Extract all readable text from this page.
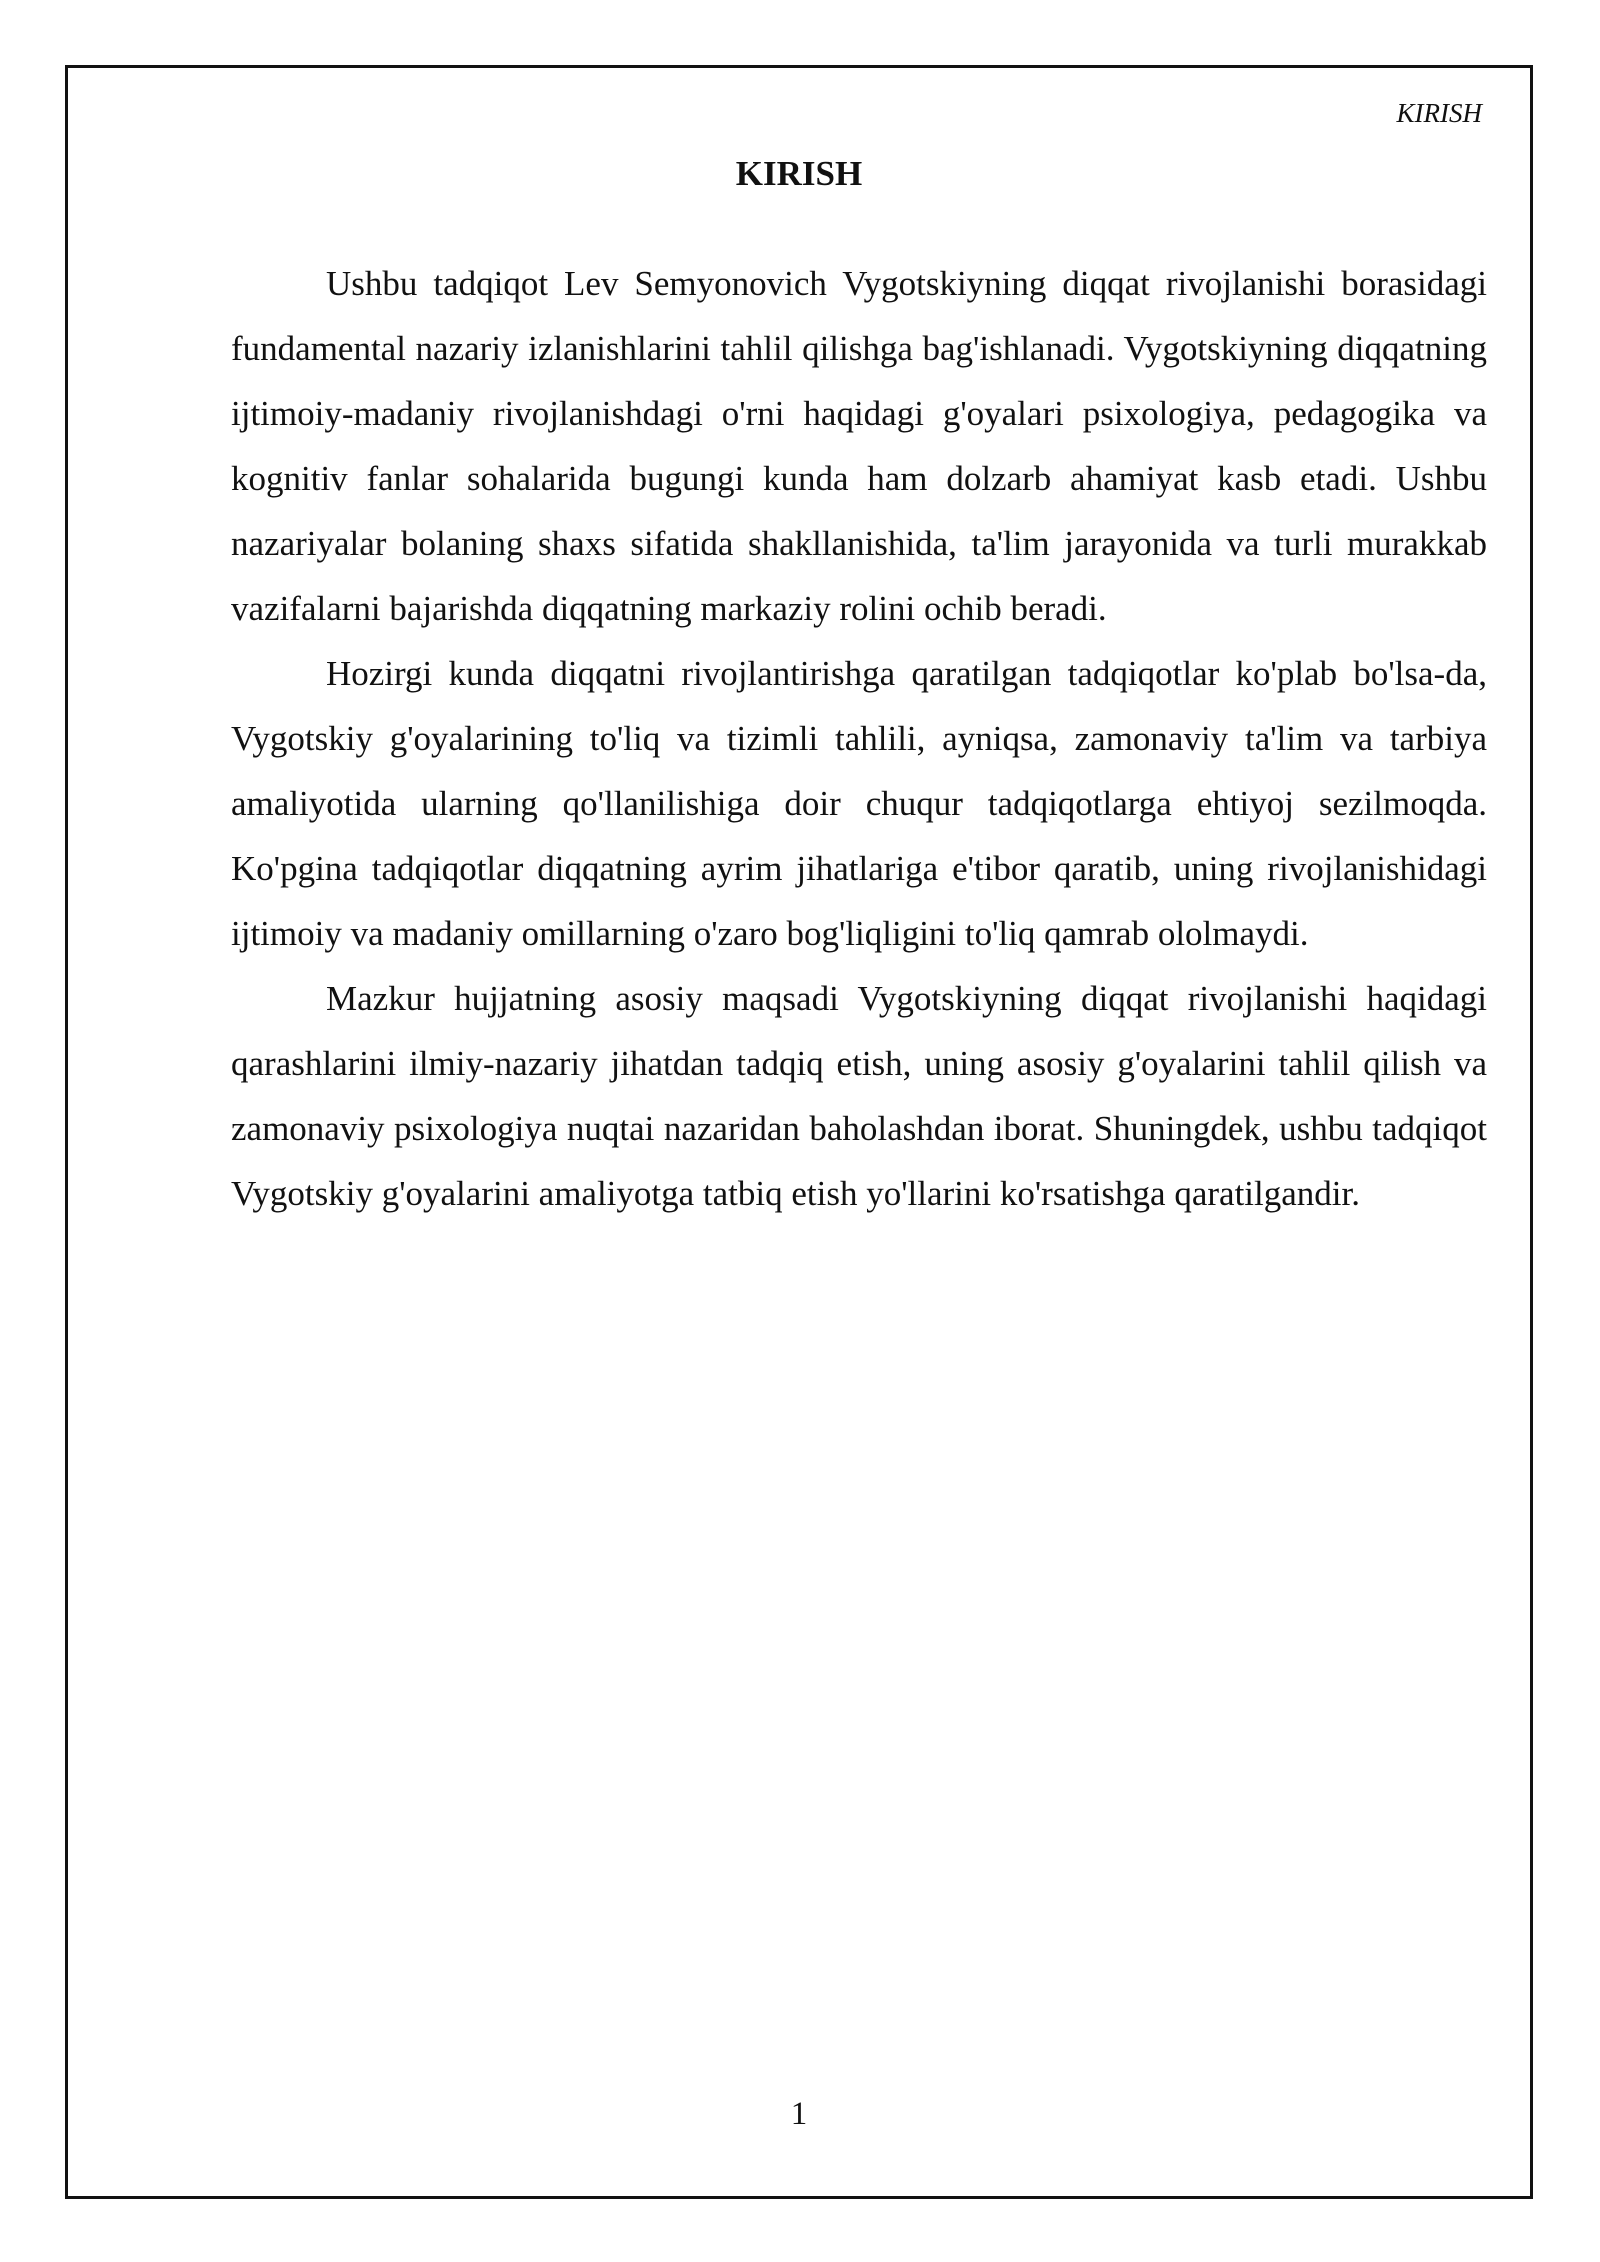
KIRISH
KIRISH

Ushbu tadqiqot Lev Semyonovich Vygotskiyning diqqat rivojlanishi borasidagi fundamental nazariy izlanishlarini tahlil qilishga bag'ishlanadi. Vygotskiyning diqqatning ijtimoiy-madaniy rivojlanishdagi o'rni haqidagi g'oyalari psixologiya, pedagogika va kognitiv fanlar sohalarida bugungi kunda ham dolzarb ahamiyat kasb etadi. Ushbu nazariyalar bolaning shaxs sifatida shakllanishida, ta'lim jarayonida va turli murakkab vazifalarni bajarishda diqqatning markaziy rolini ochib beradi.

Hozirgi kunda diqqatni rivojlantirishga qaratilgan tadqiqotlar ko'plab bo'lsa-da, Vygotskiy g'oyalarining to'liq va tizimli tahlili, ayniqsa, zamonaviy ta'lim va tarbiya amaliyotida ularning qo'llanilishiga doir chuqur tadqiqotlarga ehtiyoj sezilmoqda. Ko'pgina tadqiqotlar diqqatning ayrim jihatlariga e'tibor qaratib, uning rivojlanishidagi ijtimoiy va madaniy omillarning o'zaro bog'liqligini to'liq qamrab ololmaydi.

Mazkur hujjatning asosiy maqsadi Vygotskiyning diqqat rivojlanishi haqidagi qarashlarini ilmiy-nazariy jihatdan tadqiq etish, uning asosiy g'oyalarini tahlil qilish va zamonaviy psixologiya nuqtai nazaridan baholashdan iborat. Shuningdek, ushbu tadqiqot Vygotskiy g'oyalarini amaliyotga tatbiq etish yo'llarini ko'rsatishga qaratilgandir.

1
